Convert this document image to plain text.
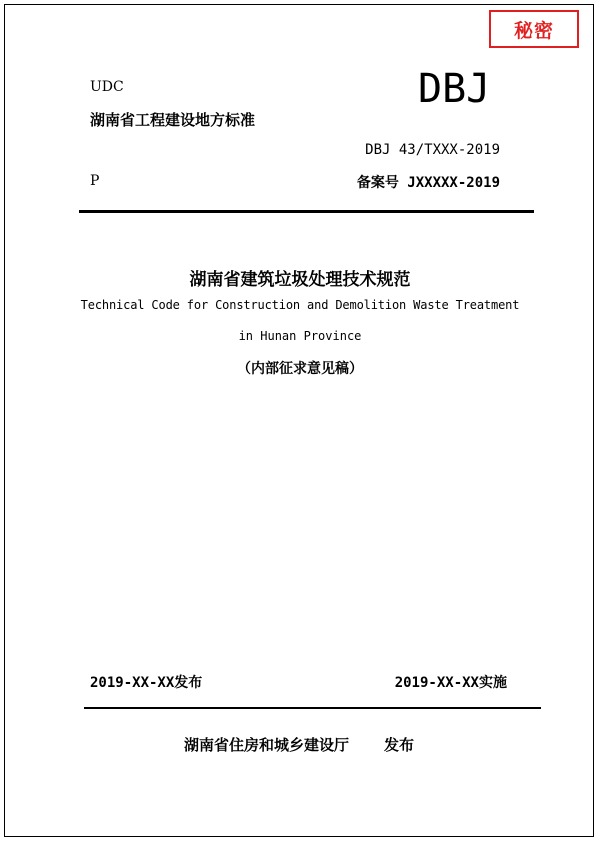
秘密
UDC	DBJ
湖南省工程建设地方标准
DBJ 43/TXXX-2019
P	备案号 JXXXXX-2019
湖南省建筑垃圾处理技术规范
Technical Code for Construction and Demolition Waste Treatment
in Hunan Province
（内部征求意见稿）
2019-XX-XX发布	2019-XX-XX实施
湖南省住房和城乡建设厅 发布
